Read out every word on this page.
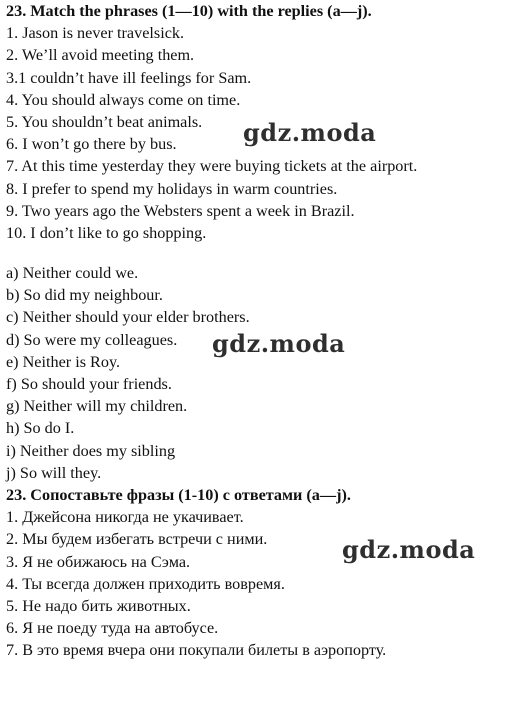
23. Match the phrases (1—10) with the replies (a—j).
1. Jason is never travelsick.
2. We’ll avoid meeting them.
3.1 couldn’t have ill feelings for Sam.
4. You should always come on time.
5. You shouldn’t beat animals.
6. I won’t go there by bus.
7. At this time yesterday they were buying tickets at the airport.
8. I prefer to spend my holidays in warm countries.
9. Two years ago the Websters spent a week in Brazil.
10. I don’t like to go shopping.
a) Neither could we.
b) So did my neighbour.
c) Neither should your elder brothers.
d) So were my colleagues.
e) Neither is Roy.
f) So should your friends.
g) Neither will my children.
h) So do I.
i) Neither does my sibling
j) So will they.
23. Сопоставьте фразы (1-10) с ответами (a—j).
1. Джейсона никогда не укачивает.
2. Мы будем избегать встречи с ними.
3. Я не обижаюсь на Сэма.
4. Ты всегда должен приходить вовремя.
5. Не надо бить животных.
6. Я не поеду туда на автобусе.
7. В это время вчера они покупали билеты в аэропорту.
gdz.moda
gdz.moda
gdz.moda
